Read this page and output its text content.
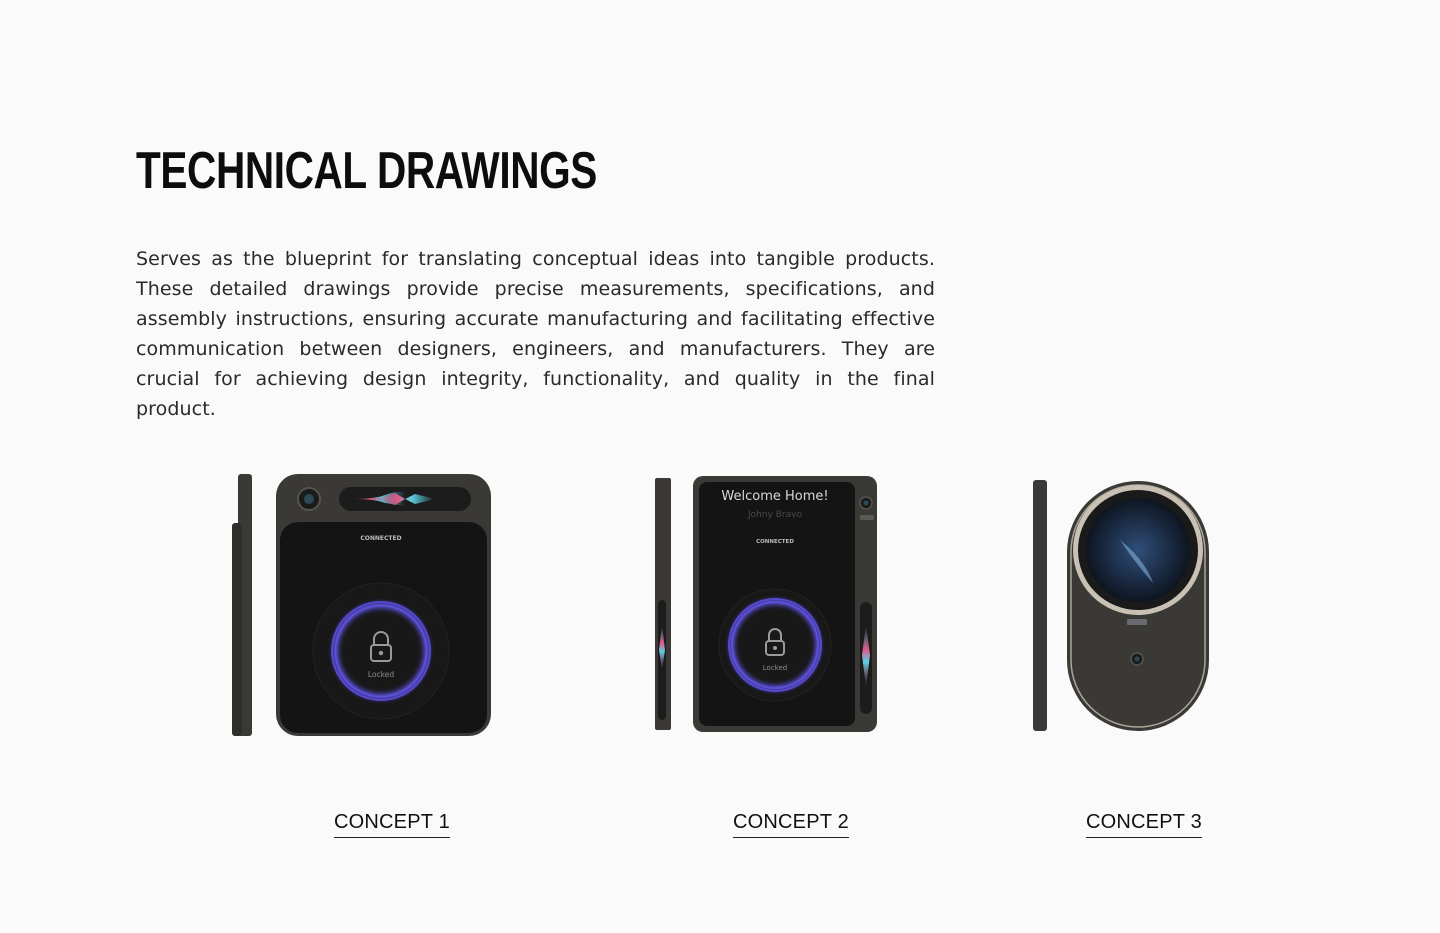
TECHNICAL DRAWINGS

Serves as the blueprint for translating conceptual ideas into tangible products. These detailed drawings provide precise measurements, specifications, and assembly instructions, ensuring accurate manufacturing and facilitating effective communication between designers, engineers, and manufacturers. They are crucial for achieving design integrity, functionality, and quality in the final product.

CONNECTED
Locked
Welcome Home!
Johny Bravo
CONNECTED
Locked
CONCEPT 1	CONCEPT 2	CONCEPT 3
